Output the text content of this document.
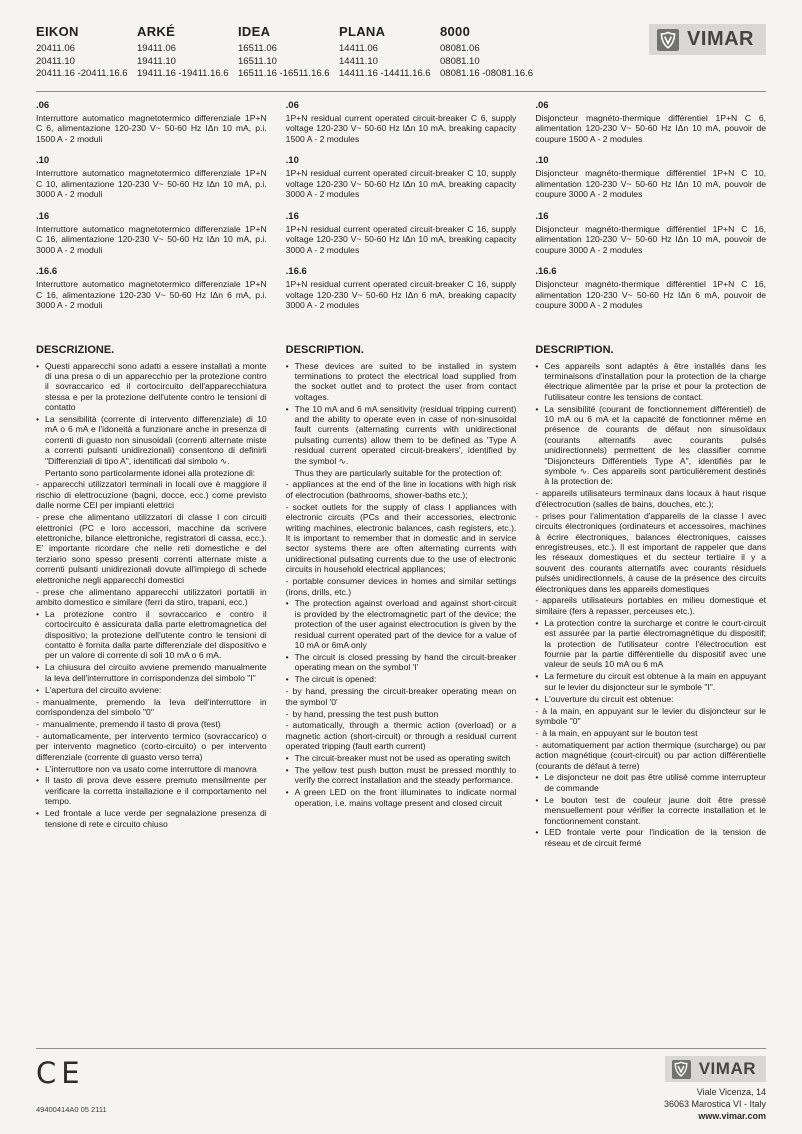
EIKON
20411.06
20411.10
20411.16 -20411.16.6
ARKÉ
19411.06
19411.10
19411.16 -19411.16.6
IDEA
16511.06
16511.10
16511.16 -16511.16.6
PLANA
14411.06
14411.10
14411.16 -14411.16.6
8000
08081.06
08081.10
08081.16 -08081.16.6
VIMAR
.06
Interruttore automatico magnetotermico differenziale 1P+N C 6, alimentazione 120-230 V~ 50-60 Hz IΔn 10 mA, p.i. 1500 A - 2 moduli
.10
Interruttore automatico magnetotermico differenziale 1P+N C 10, alimentazione 120-230 V~ 50-60 Hz IΔn 10 mA, p.i. 3000 A - 2 moduli
.16
Interruttore automatico magnetotermico differenziale 1P+N C 16, alimentazione 120-230 V~ 50-60 Hz IΔn 10 mA, p.i. 3000 A - 2 moduli
.16.6
Interruttore automatico magnetotermico differenziale 1P+N C 16, alimentazione 120-230 V~ 50-60 Hz IΔn 6 mA, p.i. 3000 A - 2 moduli
.06
1P+N residual current operated circuit-breaker C 6, supply voltage 120-230 V~ 50-60 Hz IΔn 10 mA, breaking capacity 1500 A - 2 modules
.10
1P+N residual current operated circuit-breaker C 10, supply voltage 120-230 V~ 50-60 Hz IΔn 10 mA, breaking capacity 3000 A - 2 modules
.16
1P+N residual current operated circuit-breaker C 16, supply voltage 120-230 V~ 50-60 Hz IΔn 10 mA, breaking capacity 3000 A - 2 modules
.16.6
1P+N residual current operated circuit-breaker C 16, supply voltage 120-230 V~ 50-60 Hz IΔn 6 mA, breaking capacity 3000 A - 2 modules
.06
Disjoncteur magnéto-thermique différentiel 1P+N C 6, alimentation 120-230 V~ 50-60 Hz IΔn 10 mA, pouvoir de coupure 1500 A - 2 modules
.10
Disjoncteur magnéto-thermique différentiel 1P+N C 10, alimentation 120-230 V~ 50-60 Hz IΔn 10 mA, pouvoir de coupure 3000 A - 2 modules
.16
Disjoncteur magnéto-thermique différentiel 1P+N C 16, alimentation 120-230 V~ 50-60 Hz IΔn 10 mA, pouvoir de coupure 3000 A - 2 modules
.16.6
Disjoncteur magnéto-thermique différentiel 1P+N C 16, alimentation 120-230 V~ 50-60 Hz IΔn 6 mA, pouvoir de coupure 3000 A - 2 modules
DESCRIZIONE.
• Questi apparecchi sono adatti a essere installati a monte di una presa o di un apparecchio per la protezione contro il sovraccarico ed il cortocircuito dell'apparecchiatura stessa e per la protezione dell'utente contro le tensioni di contatto
• La sensibilità (corrente di intervento differenziale) di 10 mA o 6 mA e l'idoneità a funzionare anche in presenza di correnti di guasto non sinusoidali (correnti alternate miste a correnti pulsanti unidirezionali) consentono di definirli "Differenziali di tipo A", identificati dal simbolo ∿.
Pertanto sono particolarmente idonei alla protezione di:
- apparecchi utilizzatori terminali in locali ove è maggiore il rischio di elettrocuzione (bagni, docce, ecc.) come previsto dalle norme CEI per impianti elettrici
- prese che alimentano utilizzatori di classe I con circuiti elettronici (PC e loro accessori, macchine da scrivere elettroniche, bilance elettroniche, registratori di cassa, ecc.). E' importante ricordare che nelle reti domestiche e del terziario sono spesso presenti correnti alternate miste a correnti pulsanti unidirezionali dovute all'impiego di schede elettroniche negli apparecchi domestici
- prese che alimentano apparecchi utilizzatori portatili in ambito domestico e similare (ferri da stiro, trapani, ecc.)
• La protezione contro il sovraccarico e contro il cortocircuito è assicurata dalla parte elettromagnetica del dispositivo; la protezione dell'utente contro le tensioni di contatto è fornita dalla parte differenziale del dispositivo e per un valore di corrente di soli 10 mA o 6 mA.
• La chiusura del circuito avviene premendo manualmente la leva dell'interruttore in corrispondenza del simbolo "I"
• L'apertura del circuito avviene:
- manualmente, premendo la leva dell'interruttore in corrispondenza del simbolo "0"
- manualmente, premendo il tasto di prova (test)
- automaticamente, per intervento termico (sovraccarico) o per intervento magnetico (corto-circuito) o per intervento differenziale (corrente di guasto verso terra)
• L'interruttore non va usato come interruttore di manovra
• Il tasto di prova deve essere premuto mensilmente per verificare la corretta installazione e il comportamento nel tempo.
• Led frontale a luce verde per segnalazione presenza di tensione di rete e circuito chiuso
DESCRIPTION.
• These devices are suited to be installed in system terminations to protect the electrical load supplied from the socket outlet and to protect the user from contact voltages.
• The 10 mA and 6 mA sensitivity (residual tripping current) and the ability to operate even in case of non-sinusoidal fault currents (alternating currents with unidirectional pulsating currents) allow them to be defined as 'Type A residual current operated circuit-breakers', identified by the symbol ∿.
Thus they are particularly suitable for the protection of:
- appliances at the end of the line in locations with high risk of electrocution (bathrooms, shower-baths etc.);
- socket outlets for the supply of class I appliances with electronic circuits (PCs and their accessories, electronic writing machines, electronic balances, cash registers, etc.). It is important to remember that in domestic and in service sector systems there are often alternating currents with unidirectional pulsating currents due to the use of electronic circuits in household electrical appliances;
- portable consumer devices in homes and similar settings (irons, drills, etc.)
• The protection against overload and against short-circuit is provided by the electromagnetic part of the device; the protection of the user against electrocution is given by the residual current operated part of the device for a value of 10 mA or 6mA only
• The circuit is closed pressing by hand the circuit-breaker operating mean on the symbol 'I'
• The circuit is opened:
- by hand, pressing the circuit-breaker operating mean on the symbol '0'
- by hand, pressing the test push button
- automatically, through a thermic action (overload) or a magnetic action (short-circuit) or through a residual current operated tripping (fault earth current)
• The circuit-breaker must not be used as operating switch
• The yellow test push button must be pressed monthly to verify the correct installation and the steady performance.
• A green LED on the front illuminates to indicate normal operation, i.e. mains voltage present and closed circuit
DESCRIPTION.
• Ces appareils sont adaptés à être installés dans les terminaisons d'installation pour la protection de la charge électrique alimentée par la prise et pour la protection de l'utilisateur contre les tensions de contact.
• La sensibilité (courant de fonctionnement différentiel) de 10 mA ou 6 mA et la capacité de fonctionner même en présence de courants de défaut non sinusoïdaux (courants alternatifs avec courants pulsés unidirectionnels) permettent de les classifier comme "Disjoncteurs Différentiels Type A", identifiés par le symbole ∿. Ces appareils sont particulièrement destinés à la protection de:
- appareils utilisateurs terminaux dans locaux à haut risque d'électrocution (salles de bains, douches, etc.);
- prises pour l'alimentation d'appareils de la classe I avec circuits électroniques (ordinateurs et accessoires, machines à écrire électroniques, balances électroniques, caisses enregistreuses, etc.). Il est important de rappeler que dans les réseaux domestiques et du secteur tertiaire il y a souvent des courants alternatifs avec courants résiduels pulsés unidirectionnels, à cause de la présence des circuits électroniques dans les appareils domestiques
- appareils utilisateurs portables en milieu domestique et similaire (fers à repasser, perceuses etc.).
• La protection contre la surcharge et contre le court-circuit est assurée par la partie électromagnétique du dispositif; la protection de l'utilisateur contre l'électrocution est fournie par la partie différentielle du dispositif avec une valeur de seuls 10 mA ou 6 mA
• La fermeture du circuit est obtenue à la main en appuyant sur le levier du disjoncteur sur le symbole "I".
• L'ouverture du circuit est obtenue:
- à la main, en appuyant sur le levier du disjoncteur sur le symbole "0"
- à la main, en appuyant sur le bouton test
- automatiquement par action thermique (surcharge) ou par action magnétique (court-circuit) ou par action différentielle (courants de défaut à terre)
• Le disjoncteur ne doit pas être utilisé comme interrupteur de commande
• Le bouton test de couleur jaune doit être pressé mensuellement pour vérifier la correcte installation et le fonctionnement constant.
• LED frontale verte pour l'indication de la tension de réseau et de circuit fermé
CE
49400414A0 05 2111
VIMAR
Viale Vicenza, 14
36063 Marostica VI - Italy
www.vimar.com
